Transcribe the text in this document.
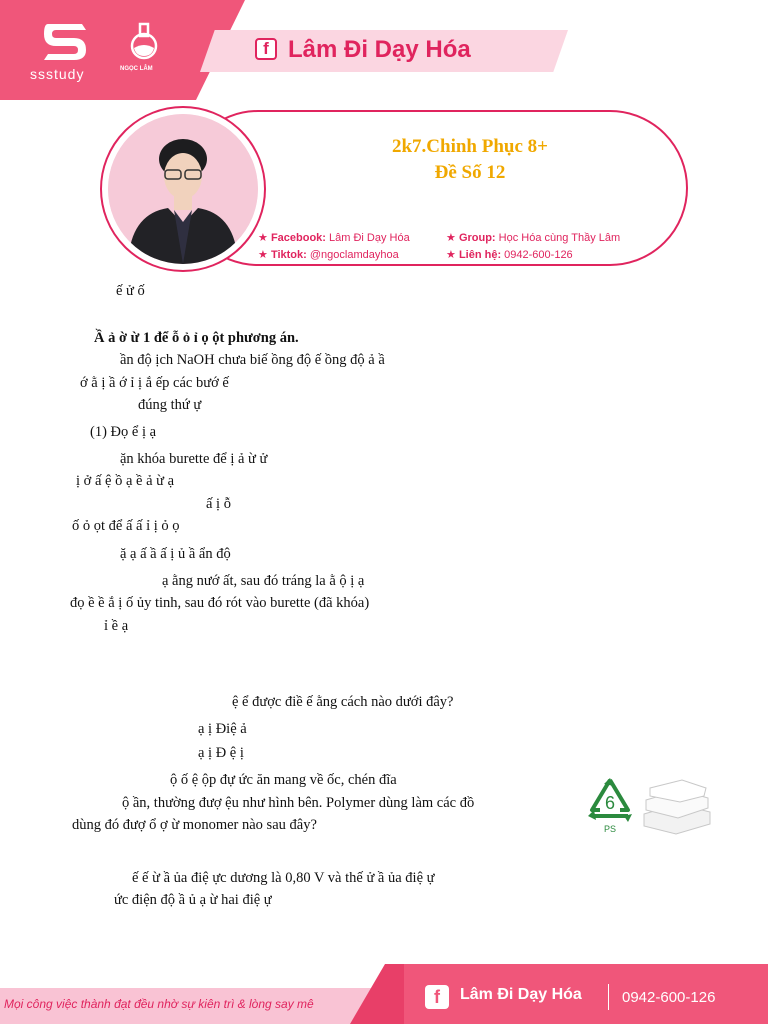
ssstudy	NGỌC LÂM
f Lâm Đi Dạy Hóa
2k7.Chinh Phục 8+
Đề Số 12
★ Facebook: Lâm Đi Dạy Hóa	★ Group: Học Hóa cùng Thầy Lâm
★ Tiktok: @ngoclamdayhoa	★ Liên hệ: 0942-600-126
ế ử ố
Ầ ả ờ ừ 1 để ỗ ỏ ỉ ọ ột phương án.
ần độ ịch NaOH chưa biế ồng độ ế ồng độ ả ầ
ớ ằ ị ầ ớ ỉ ị ắ ếp các bướ ế
đúng thứ ự
(1) Đọ ể ị ạ
ặn khóa burette để ị ả ừ ử
ị ở ấ ệ ồ ạ ề ả ừ ạ
ấ ị ỗ
ố ỏ ọt để ấ ấ ỉ ị ỏ ọ
ặ ạ ấ ầ ấ ị ủ ầ ẩn độ
ạ ằng nướ ất, sau đó tráng la ằ ộ ị ạ
đọ ề ề ắ ị ố ủy tinh, sau đó rót vào burette (đã khóa)
ỉ ề ạ
ệ ể được điề ế ằng cách nào dưới đây?
ạ ị Điệ ả
ạ ị Đ ệ ị
ộ ố ệ ộp đự ức ăn mang về ốc, chén đĩa
ộ ần, thường đượ ệu như hình bên. Polymer dùng làm các đồ
dùng đó đượ ổ ợ ừ monomer nào sau đây?
ế ế ừ ầ ủa điệ ực dương là 0,80 V và thế ử ầ ủa điệ ự
ức điện độ ầ ủ ạ ừ hai điệ ự
6
PS
Mọi công việc thành đạt đều nhờ sự kiên trì & lòng say mê	f	Lâm Đi Dạy Hóa	0942-600-126
